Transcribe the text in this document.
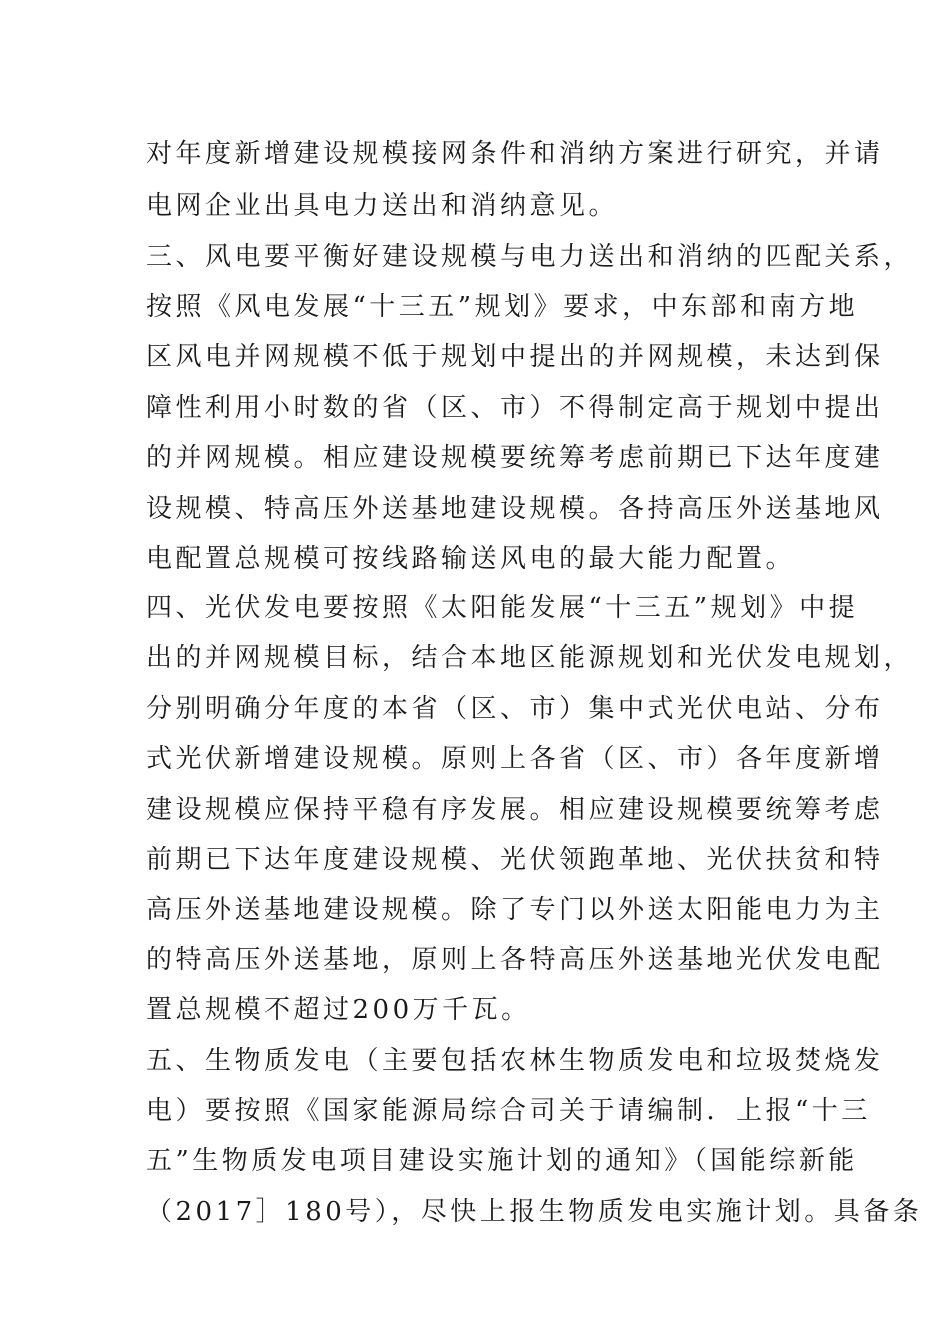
对年度新增建设规模接网条件和消纳方案进行研究，并请
电网企业出具电力送出和消纳意见。
三、风电要平衡好建设规模与电力送出和消纳的匹配关系，
按照《风电发展“十三五”规划》要求，中东部和南方地
区风电并网规模不低于规划中提出的并网规模，未达到保
障性利用小时数的省（区、市）不得制定高于规划中提出
的并网规模。相应建设规模要统筹考虑前期已下达年度建
设规模、特高压外送基地建设规模。各持高压外送基地风
电配置总规模可按线路输送风电的最大能力配置。
四、光伏发电要按照《太阳能发展“十三五”规划》中提
出的并网规模目标，结合本地区能源规划和光伏发电规划，
分别明确分年度的本省（区、市）集中式光伏电站、分布
式光伏新增建设规模。原则上各省（区、市）各年度新增
建设规模应保持平稳有序发展。相应建设规模要统筹考虑
前期已下达年度建设规模、光伏领跑革地、光伏扶贫和特
高压外送基地建设规模。除了专门以外送太阳能电力为主
的特高压外送基地，原则上各特高压外送基地光伏发电配
置总规模不超过200万千瓦。
五、生物质发电（主要包括农林生物质发电和垃圾焚烧发
电）要按照《国家能源局综合司关于请编制．上报“十三
五”生物质发电项目建设实施计划的通知》（国能综新能
（2017］180号），尽快上报生物质发电实施计划。具备条
